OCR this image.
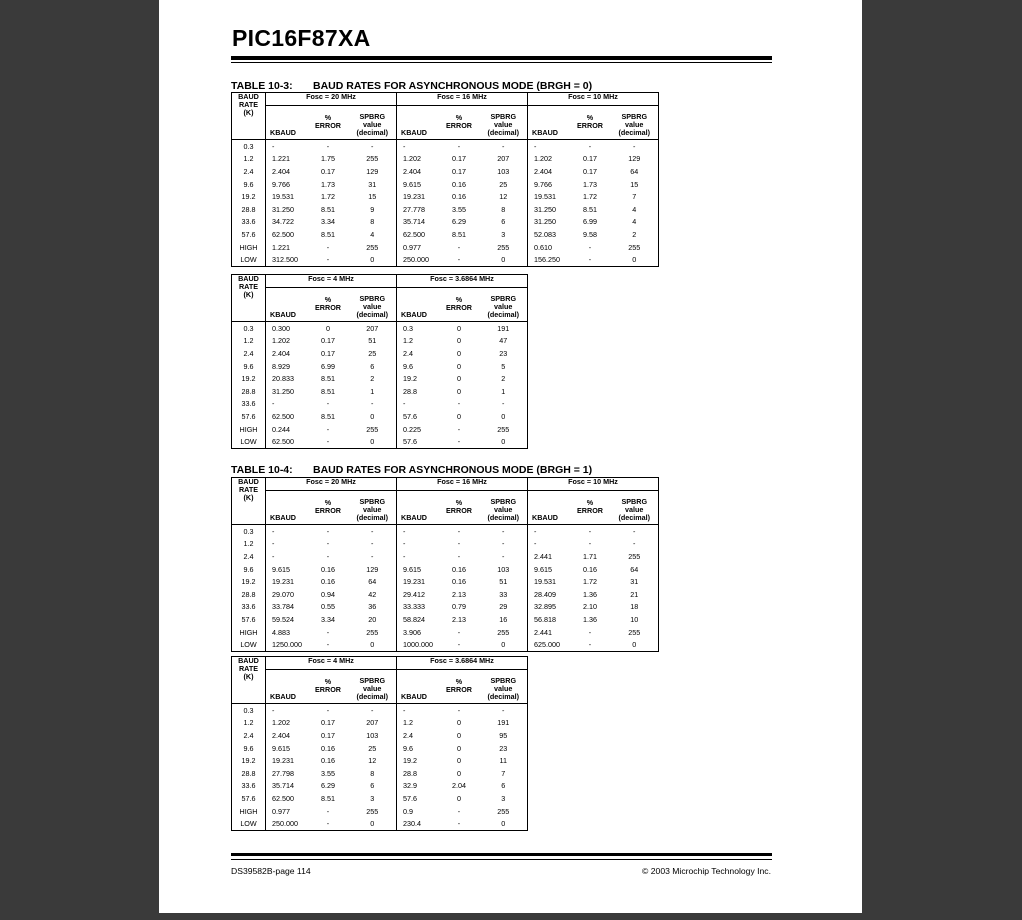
PIC16F87XA
TABLE 10-3: BAUD RATES FOR ASYNCHRONOUS MODE (BRGH = 0)
BAUD
RATE
(K)	Fosc = 20 MHz			Fosc = 16 MHz			Fosc = 10 MHz		
	KBAUD	%
ERROR	SPBRG
value
(decimal)	KBAUD	%
ERROR	SPBRG
value
(decimal)	KBAUD	%
ERROR	SPBRG
value
(decimal)
0.3	-	-	-	-	-	-	-	-	-
1.2	1.221	1.75	255	1.202	0.17	207	1.202	0.17	129
2.4	2.404	0.17	129	2.404	0.17	103	2.404	0.17	64
9.6	9.766	1.73	31	9.615	0.16	25	9.766	1.73	15
19.2	19.531	1.72	15	19.231	0.16	12	19.531	1.72	7
28.8	31.250	8.51	9	27.778	3.55	8	31.250	8.51	4
33.6	34.722	3.34	8	35.714	6.29	6	31.250	6.99	4
57.6	62.500	8.51	4	62.500	8.51	3	52.083	9.58	2
HIGH	1.221	-	255	0.977	-	255	0.610	-	255
LOW	312.500	-	0	250.000	-	0	156.250	-	0
BAUD
RATE
(K)	Fosc = 4 MHz			Fosc = 3.6864 MHz		
	KBAUD	%
ERROR	SPBRG
value
(decimal)	KBAUD	%
ERROR	SPBRG
value
(decimal)
0.3	0.300	0	207	0.3	0	191
1.2	1.202	0.17	51	1.2	0	47
2.4	2.404	0.17	25	2.4	0	23
9.6	8.929	6.99	6	9.6	0	5
19.2	20.833	8.51	2	19.2	0	2
28.8	31.250	8.51	1	28.8	0	1
33.6	-	-	-	-	-	-
57.6	62.500	8.51	0	57.6	0	0
HIGH	0.244	-	255	0.225	-	255
LOW	62.500	-	0	57.6	-	0
TABLE 10-4: BAUD RATES FOR ASYNCHRONOUS MODE (BRGH = 1)
BAUD
RATE
(K)	Fosc = 20 MHz			Fosc = 16 MHz			Fosc = 10 MHz		
	KBAUD	%
ERROR	SPBRG
value
(decimal)	KBAUD	%
ERROR	SPBRG
value
(decimal)	KBAUD	%
ERROR	SPBRG
value
(decimal)
0.3	-	-	-	-	-	-	-	-	-
1.2	-	-	-	-	-	-	-	-	-
2.4	-	-	-	-	-	-	2.441	1.71	255
9.6	9.615	0.16	129	9.615	0.16	103	9.615	0.16	64
19.2	19.231	0.16	64	19.231	0.16	51	19.531	1.72	31
28.8	29.070	0.94	42	29.412	2.13	33	28.409	1.36	21
33.6	33.784	0.55	36	33.333	0.79	29	32.895	2.10	18
57.6	59.524	3.34	20	58.824	2.13	16	56.818	1.36	10
HIGH	4.883	-	255	3.906	-	255	2.441	-	255
LOW	1250.000	-	0	1000.000	-	0	625.000	-	0
BAUD
RATE
(K)	Fosc = 4 MHz			Fosc = 3.6864 MHz		
	KBAUD	%
ERROR	SPBRG
value
(decimal)	KBAUD	%
ERROR	SPBRG
value
(decimal)
0.3	-	-	-	-	-	-
1.2	1.202	0.17	207	1.2	0	191
2.4	2.404	0.17	103	2.4	0	95
9.6	9.615	0.16	25	9.6	0	23
19.2	19.231	0.16	12	19.2	0	11
28.8	27.798	3.55	8	28.8	0	7
33.6	35.714	6.29	6	32.9	2.04	6
57.6	62.500	8.51	3	57.6	0	3
HIGH	0.977	-	255	0.9	-	255
LOW	250.000	-	0	230.4	-	0
DS39582B-page 114	© 2003 Microchip Technology Inc.
